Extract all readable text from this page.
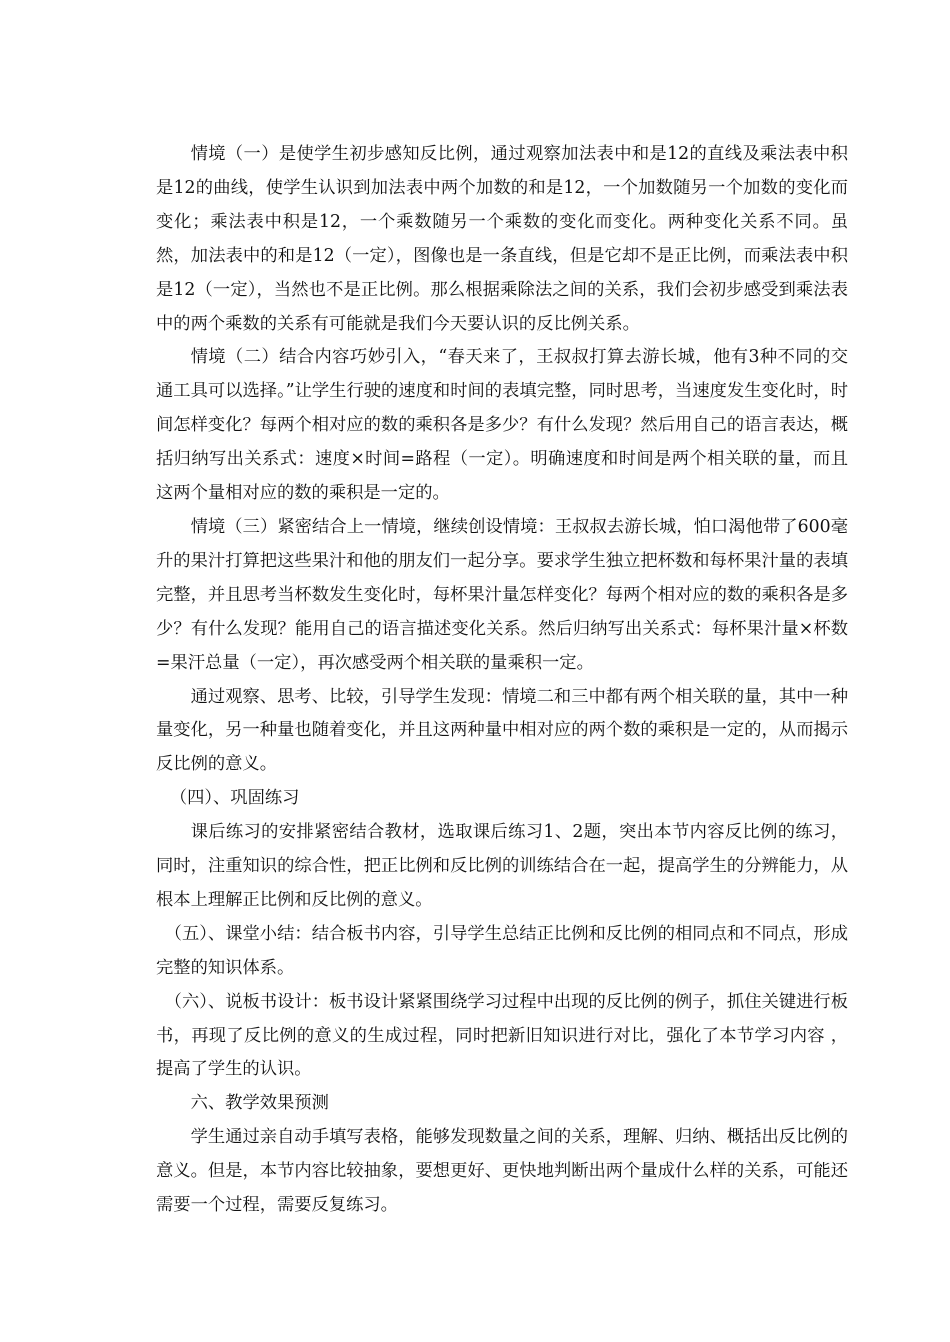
情境（一）是使学生初步感知反比例，通过观察加法表中和是12的直线及乘法表中积是12的曲线，使学生认识到加法表中两个加数的和是12，一个加数随另一个加数的变化而变化；乘法表中积是12，一个乘数随另一个乘数的变化而变化。两种变化关系不同。虽然，加法表中的和是12（一定），图像也是一条直线，但是它却不是正比例，而乘法表中积是12（一定），当然也不是正比例。那么根据乘除法之间的关系，我们会初步感受到乘法表中的两个乘数的关系有可能就是我们今天要认识的反比例关系。

情境（二）结合内容巧妙引入，“春天来了，王叔叔打算去游长城，他有3种不同的交通工具可以选择。”让学生行驶的速度和时间的表填完整，同时思考，当速度发生变化时，时间怎样变化？每两个相对应的数的乘积各是多少？有什么发现？然后用自己的语言表达，概括归纳写出关系式：速度×时间=路程（一定）。明确速度和时间是两个相关联的量，而且这两个量相对应的数的乘积是一定的。

情境（三）紧密结合上一情境，继续创设情境：王叔叔去游长城，怕口渴他带了600毫升的果汁打算把这些果汁和他的朋友们一起分享。要求学生独立把杯数和每杯果汁量的表填完整，并且思考当杯数发生变化时，每杯果汁量怎样变化？每两个相对应的数的乘积各是多少？有什么发现？能用自己的语言描述变化关系。然后归纳写出关系式：每杯果汁量×杯数=果汗总量（一定），再次感受两个相关联的量乘积一定。

通过观察、思考、比较，引导学生发现：情境二和三中都有两个相关联的量，其中一种量变化，另一种量也随着变化，并且这两种量中相对应的两个数的乘积是一定的，从而揭示反比例的意义。

（四）、巩固练习

课后练习的安排紧密结合教材，选取课后练习1、2题，突出本节内容反比例的练习，同时，注重知识的综合性，把正比例和反比例的训练结合在一起，提高学生的分辨能力，从根本上理解正比例和反比例的意义。

（五）、课堂小结：结合板书内容，引导学生总结正比例和反比例的相同点和不同点，形成完整的知识体系。

（六）、说板书设计：板书设计紧紧围绕学习过程中出现的反比例的例子，抓住关键进行板书，再现了反比例的意义的生成过程，同时把新旧知识进行对比，强化了本节学习内容 ，提高了学生的认识。

六、教学效果预测

学生通过亲自动手填写表格，能够发现数量之间的关系，理解、归纳、概括出反比例的意义。但是，本节内容比较抽象，要想更好、更快地判断出两个量成什么样的关系，可能还需要一个过程，需要反复练习。
